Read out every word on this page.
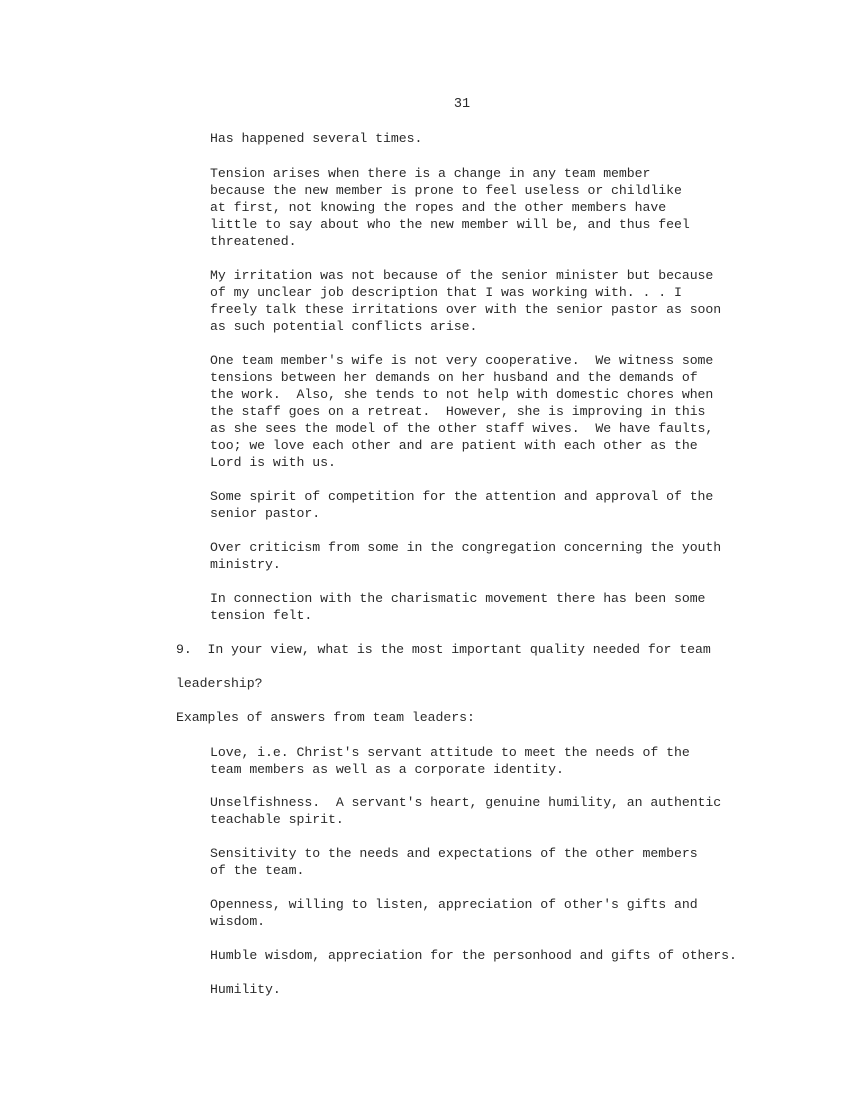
31
Has happened several times.
Tension arises when there is a change in any team member
because the new member is prone to feel useless or childlike
at first, not knowing the ropes and the other members have
little to say about who the new member will be, and thus feel
threatened.
My irritation was not because of the senior minister but because
of my unclear job description that I was working with. . . I
freely talk these irritations over with the senior pastor as soon
as such potential conflicts arise.
One team member's wife is not very cooperative.  We witness some
tensions between her demands on her husband and the demands of
the work.  Also, she tends to not help with domestic chores when
the staff goes on a retreat.  However, she is improving in this
as she sees the model of the other staff wives.  We have faults,
too; we love each other and are patient with each other as the
Lord is with us.
Some spirit of competition for the attention and approval of the
senior pastor.
Over criticism from some in the congregation concerning the youth
ministry.
In connection with the charismatic movement there has been some
tension felt.
9.  In your view, what is the most important quality needed for team
leadership?
Examples of answers from team leaders:
Love, i.e. Christ's servant attitude to meet the needs of the
team members as well as a corporate identity.
Unselfishness.  A servant's heart, genuine humility, an authentic
teachable spirit.
Sensitivity to the needs and expectations of the other members
of the team.
Openness, willing to listen, appreciation of other's gifts and
wisdom.
Humble wisdom, appreciation for the personhood and gifts of others.
Humility.
